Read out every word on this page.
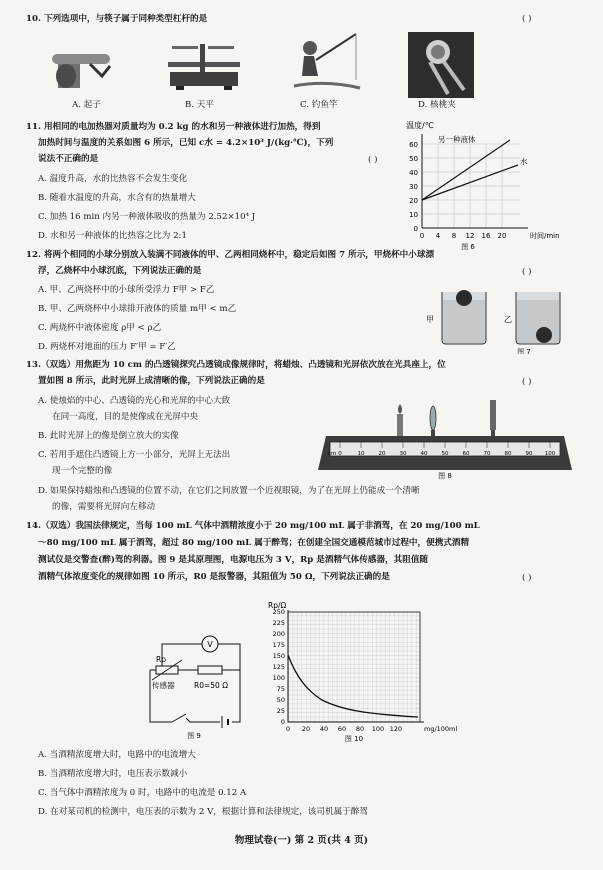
10. 下列选项中，与筷子属于同种类型杠杆的是	( )
A. 起子	B. 天平	C. 钓鱼竿	D. 核桃夹
11. 用相同的电加热器对质量均为 0.2 kg 的水和另一种液体进行加热，得到
加热时间与温度的关系如图 6 所示，已知 c水 = 4.2×10³ J/(kg·℃)，下列
说法不正确的是	( )
A. 温度升高，水的比热容不会发生变化
B. 随着水温度的升高，水含有的热量增大
C. 加热 16 min 内另一种液体吸收的热量为 2.52×10⁴ J
D. 水和另一种液体的比热容之比为 2:1
温度/℃
0
10
20
30
40
50
60
0 4 8 12 16 20	时间/min
另一种液体
水
图 6
12. 将两个相同的小球分别放入装满不同液体的甲、乙两相同烧杯中，稳定后如图 7 所示，甲烧杯中小球漂
浮，乙烧杯中小球沉底，下列说法正确的是	( )
A. 甲、乙两烧杯中的小球所受浮力 F甲 > F乙
B. 甲、乙两烧杯中小球排开液体的质量 m甲 < m乙
C. 两烧杯中液体密度 ρ甲 < ρ乙
D. 两烧杯对地面的压力 F′甲 = F′乙
甲	乙
图 7
13.（双选）用焦距为 10 cm 的凸透镜探究凸透镜成像规律时，将蜡烛、凸透镜和光屏依次放在光具座上，位
置如图 8 所示，此时光屏上成清晰的像，下列说法正确的是	( )
A. 使烛焰的中心、凸透镜的光心和光屏的中心大致
在同一高度，目的是使像成在光屏中央
B. 此时光屏上的像是倒立放大的实像
C. 若用手遮住凸透镜上方一小部分，光屏上无法出
现一个完整的像
D. 如果保持蜡烛和凸透镜的位置不动，在它们之间放置一个近视眼镜，为了在光屏上仍能成一个清晰
的像，需要将光屏向左移动
cm 0	10	20	30	40	50	60	70	80	90 100
图 8
14.（双选）我国法律规定，当每 100 mL 气体中酒精浓度小于 20 mg/100 mL 属于非酒驾，在 20 mg/100 mL
～80 mg/100 mL 属于酒驾，超过 80 mg/100 mL 属于醉驾；在创建全国交通模范城市过程中，便携式酒精
测试仪是交警查(醉)驾的利器。图 9 是其原理图，电源电压为 3 V，Rp 是酒精气体传感器，其阻值随
酒精气体浓度变化的规律如图 10 所示，R0 是报警器，其阻值为 50 Ω，下列说法正确的是	( )
V
Rp
传感器	R0=50 Ω
图 9
Rp/Ω
0
25
50
75
100
125
150
175
200
225
250
0 20 40 60 80 100 120	mg/100ml
图 10
A. 当酒精浓度增大时，电路中的电流增大
B. 当酒精浓度增大时，电压表示数减小
C. 当气体中酒精浓度为 0 时，电路中的电流是 0.12 A
D. 在对某司机的检测中，电压表的示数为 2 V，根据计算和法律规定，该司机属于醉驾
物理试卷(一) 第 2 页(共 4 页)
